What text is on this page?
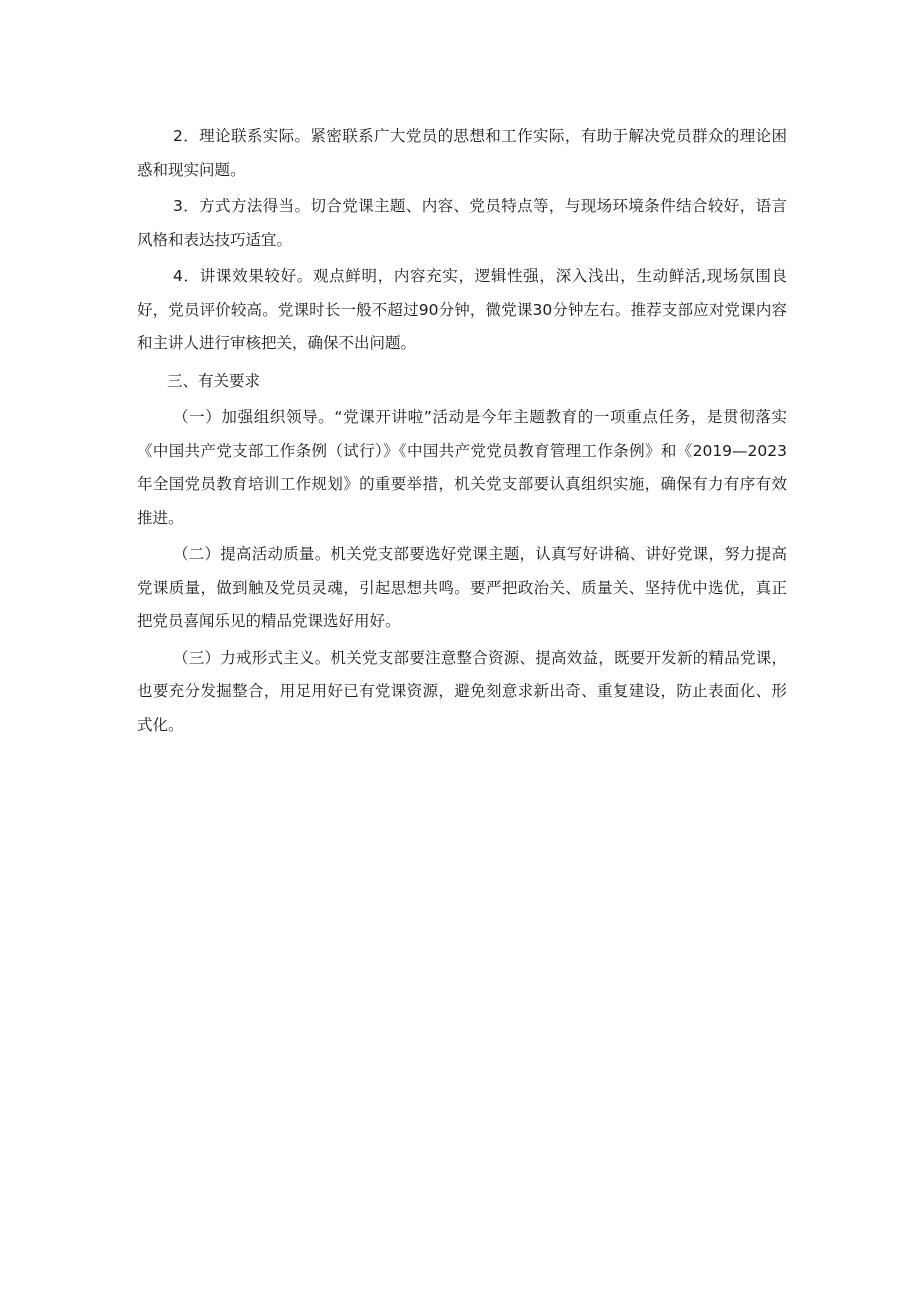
2．理论联系实际。紧密联系广大党员的思想和工作实际，有助于解决党员群众的理论困惑和现实问题。

3．方式方法得当。切合党课主题、内容、党员特点等，与现场环境条件结合较好，语言风格和表达技巧适宜。

4．讲课效果较好。观点鲜明，内容充实，逻辑性强，深入浅出，生动鲜活,现场氛围良好，党员评价较高。党课时长一般不超过90分钟，微党课30分钟左右。推荐支部应对党课内容和主讲人进行审核把关，确保不出问题。

三、有关要求

（一）加强组织领导。“党课开讲啦”活动是今年主题教育的一项重点任务，是贯彻落实《中国共产党支部工作条例（试行）》《中国共产党党员教育管理工作条例》和《2019—2023年全国党员教育培训工作规划》的重要举措，机关党支部要认真组织实施，确保有力有序有效推进。

（二）提高活动质量。机关党支部要选好党课主题，认真写好讲稿、讲好党课，努力提高党课质量，做到触及党员灵魂，引起思想共鸣。要严把政治关、质量关、坚持优中选优，真正把党员喜闻乐见的精品党课选好用好。

（三）力戒形式主义。机关党支部要注意整合资源、提高效益，既要开发新的精品党课，也要充分发掘整合，用足用好已有党课资源，避免刻意求新出奇、重复建设，防止表面化、形式化。
